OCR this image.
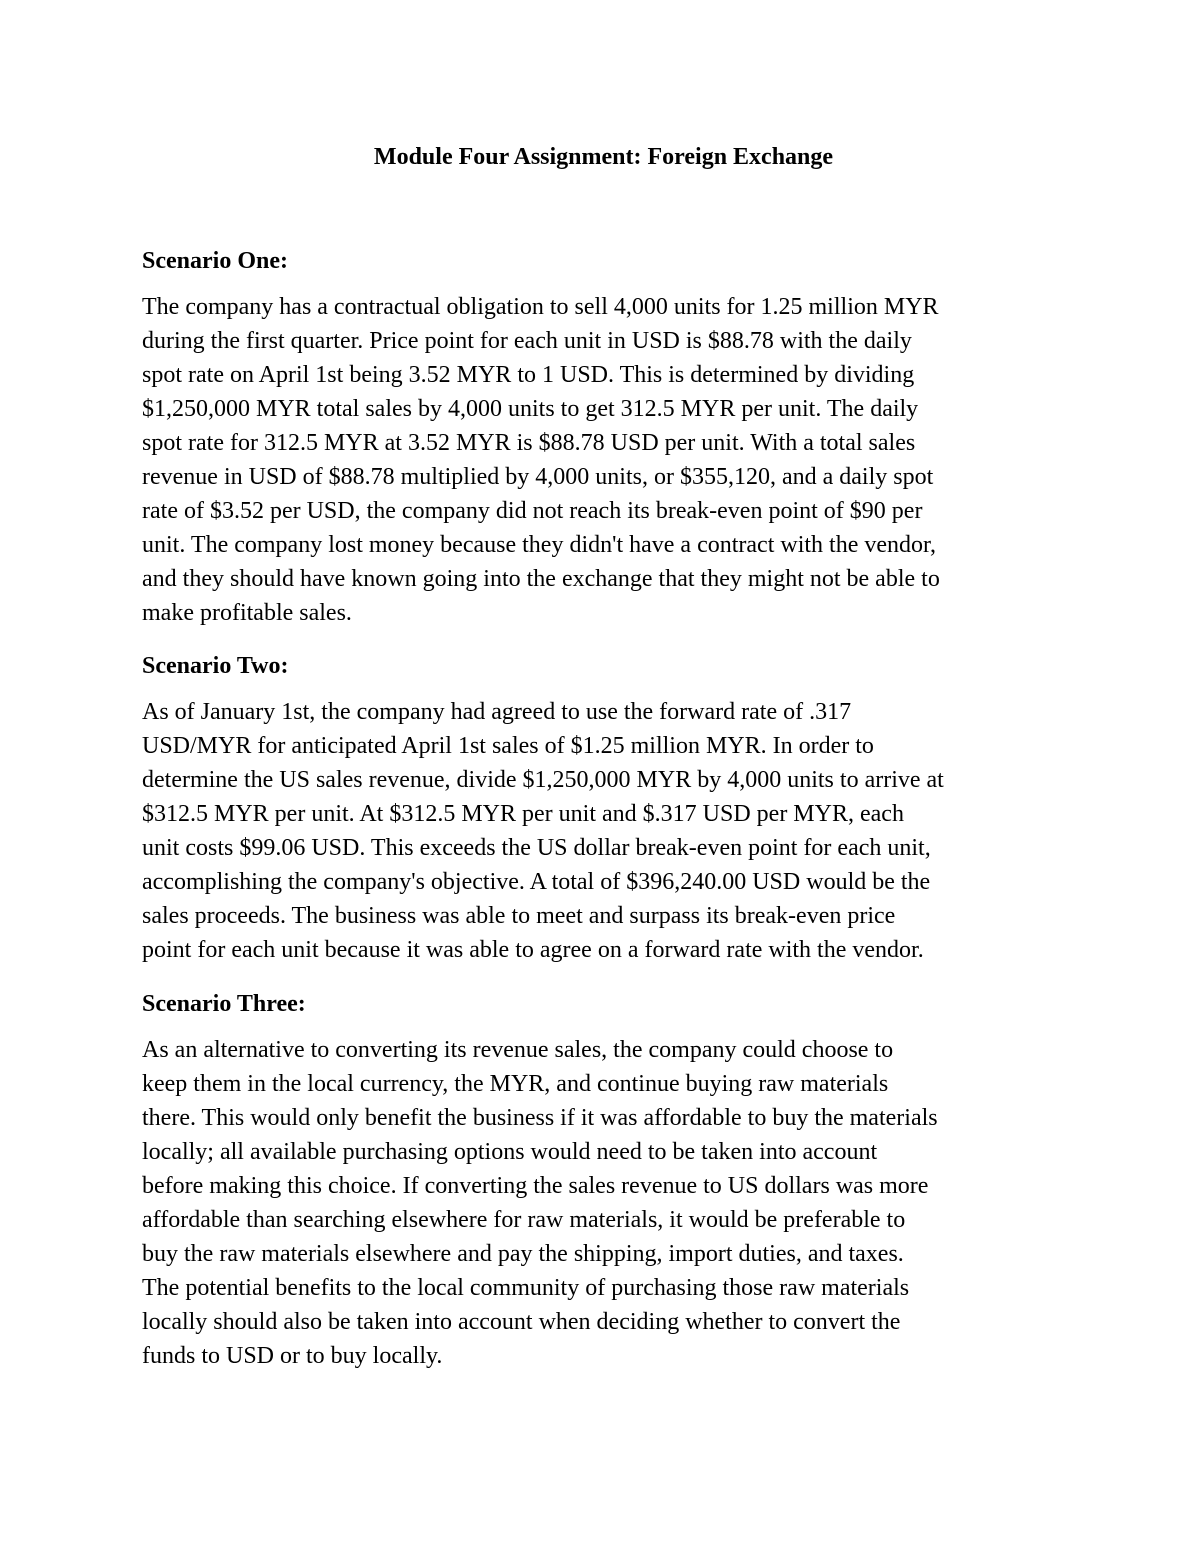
Module Four Assignment: Foreign Exchange
Scenario One:
The company has a contractual obligation to sell 4,000 units for 1.25 million MYR
during the first quarter. Price point for each unit in USD is $88.78 with the daily
spot rate on April 1st being 3.52 MYR to 1 USD. This is determined by dividing
$1,250,000 MYR total sales by 4,000 units to get 312.5 MYR per unit. The daily
spot rate for 312.5 MYR at 3.52 MYR is $88.78 USD per unit. With a total sales
revenue in USD of $88.78 multiplied by 4,000 units, or $355,120, and a daily spot
rate of $3.52 per USD, the company did not reach its break-even point of $90 per
unit. The company lost money because they didn't have a contract with the vendor,
and they should have known going into the exchange that they might not be able to
make profitable sales.
Scenario Two:
As of January 1st, the company had agreed to use the forward rate of .317
USD/MYR for anticipated April 1st sales of $1.25 million MYR. In order to
determine the US sales revenue, divide $1,250,000 MYR by 4,000 units to arrive at
$312.5 MYR per unit. At $312.5 MYR per unit and $.317 USD per MYR, each
unit costs $99.06 USD. This exceeds the US dollar break-even point for each unit,
accomplishing the company's objective. A total of $396,240.00 USD would be the
sales proceeds. The business was able to meet and surpass its break-even price
point for each unit because it was able to agree on a forward rate with the vendor.
Scenario Three:
As an alternative to converting its revenue sales, the company could choose to
keep them in the local currency, the MYR, and continue buying raw materials
there. This would only benefit the business if it was affordable to buy the materials
locally; all available purchasing options would need to be taken into account
before making this choice. If converting the sales revenue to US dollars was more
affordable than searching elsewhere for raw materials, it would be preferable to
buy the raw materials elsewhere and pay the shipping, import duties, and taxes.
The potential benefits to the local community of purchasing those raw materials
locally should also be taken into account when deciding whether to convert the
funds to USD or to buy locally.
